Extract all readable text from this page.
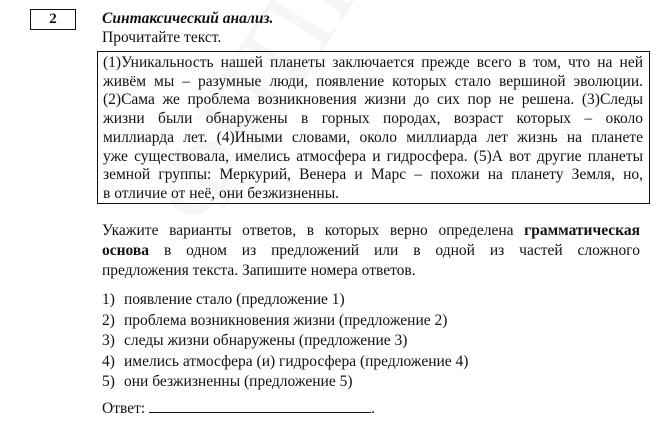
2	Синтаксический анализ.
Прочитайте текст.
(1)Уникальность нашей планеты заключается прежде всего в том, что на ней
живём мы – разумные люди, появление которых стало вершиной эволюции.
(2)Сама же проблема возникновения жизни до сих пор не решена. (3)Следы
жизни были обнаружены в горных породах, возраст которых – около
миллиарда лет. (4)Иными словами, около миллиарда лет жизнь на планете
уже существовала, имелись атмосфера и гидросфера. (5)А вот другие планеты
земной группы: Меркурий, Венера и Марс – похожи на планету Земля, но,
в отличие от неё, они безжизненны.
Укажите варианты ответов, в которых верно определена грамматическая
основа в одном из предложений или в одной из частей сложного
предложения текста. Запишите номера ответов.
1) появление стало (предложение 1)
2) проблема возникновения жизни (предложение 2)
3) следы жизни обнаружены (предложение 3)
4) имелись атмосфера (и) гидросфера (предложение 4)
5) они безжизненны (предложение 5)
Ответ:	.
